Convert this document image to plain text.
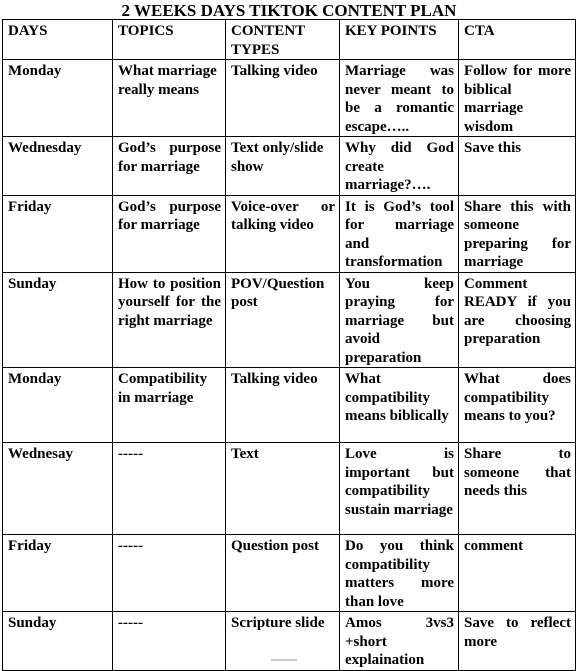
2 WEEKS DAYS TIKTOK CONTENT PLAN
DAYS	TOPICS	CONTENT TYPES	KEY POINTS	CTA
Monday	What marriage really means	Talking video	Marriage was never meant to be a romantic escape…..	Follow for more biblical marriage wisdom
Wednesday	God’s purpose for marriage	Text only/slide show	Why did God create marriage?….	Save this
Friday	God’s purpose for marriage	Voice-over or talking video	It is God’s tool for marriage and transformation	Share this with someone preparing for marriage
Sunday	How to position yourself for the right marriage	POV/Question post	You keep praying for marriage but avoid preparation	Comment READY if you are choosing preparation
Monday	Compatibility in marriage	Talking video	What compatibility means biblically	What does compatibility means to you?
Wednesay	-----	Text	Love is important but compatibility sustain marriage	Share to someone that needs this
Friday	-----	Question post	Do you think compatibility matters more than love	comment
Sunday	-----	Scripture slide	Amos 3vs3 +short explaination	Save to reflect more
